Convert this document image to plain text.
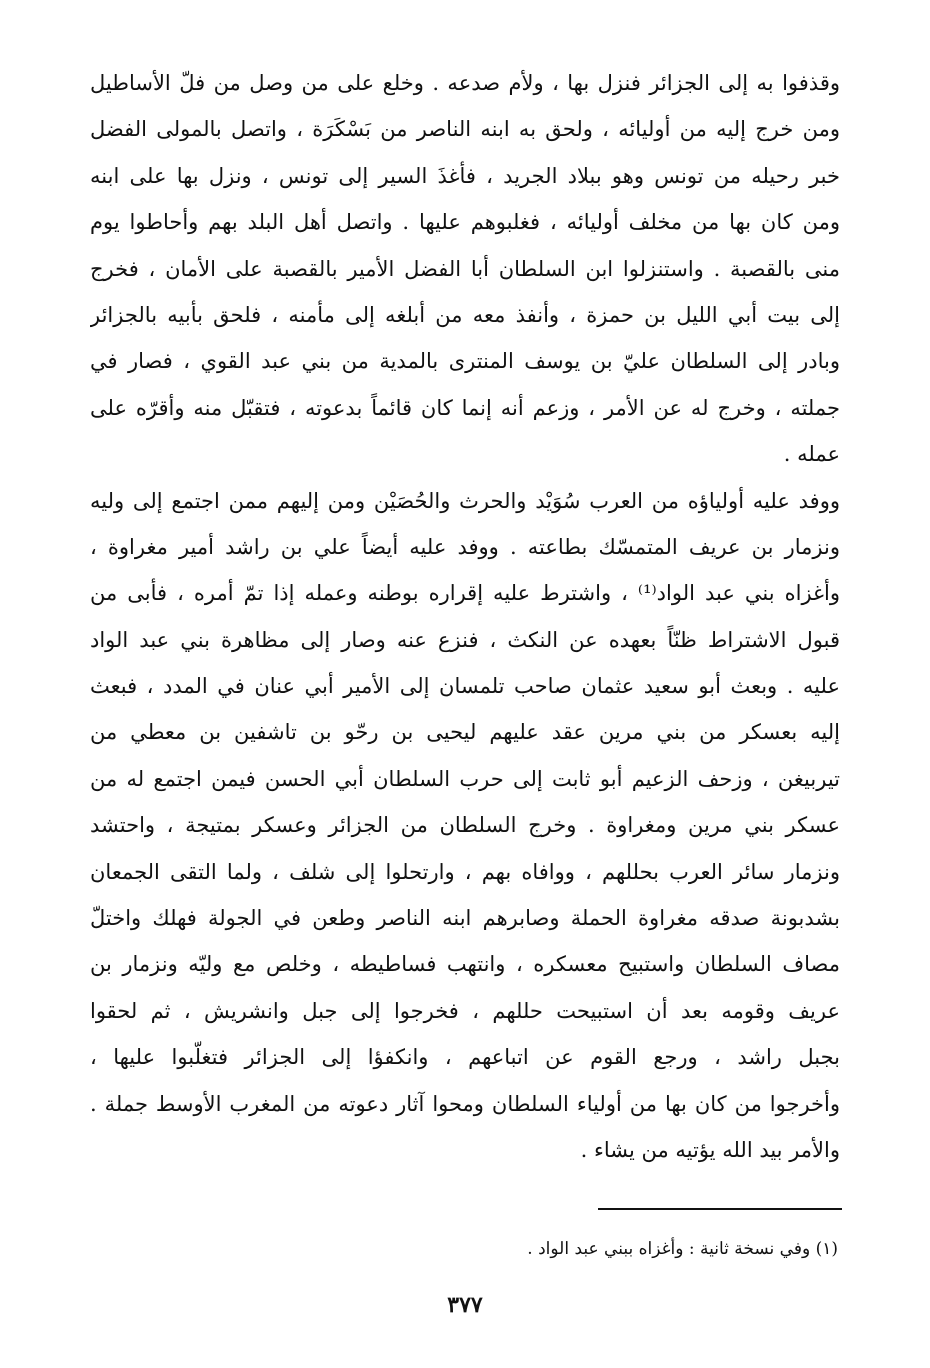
وقذفوا به إلى الجزائر فنزل بها ، ولأم صدعه . وخلع على من وصل من فلّ الأساطيل
ومن خرج إليه من أوليائه ، ولحق به ابنه الناصر من بَسْكَرَة ، واتصل بالمولى الفضل
خبر رحيله من تونس وهو ببلاد الجريد ، فأغذَ السير إلى تونس ، ونزل بها على ابنه
ومن كان بها من مخلف أوليائه ، فغلبوهم عليها . واتصل أهل البلد بهم وأحاطوا يوم
منى بالقصبة . واستنزلوا ابن السلطان أبا الفضل الأمير بالقصبة على الأمان ، فخرج
إلى بيت أبي الليل بن حمزة ، وأنفذ معه من أبلغه إلى مأمنه ، فلحق بأبيه بالجزائر
وبادر إلى السلطان عليّ بن يوسف المنترى بالمدية من بني عبد القوي ، فصار في
جملته ، وخرج له عن الأمر ، وزعم أنه إنما كان قائماً بدعوته ، فتقبّل منه وأقرّه على
عمله .
ووفد عليه أولياؤه من العرب سُوَيْد والحرث والحُصَيْن ومن إليهم ممن اجتمع إلى وليه
ونزمار بن عريف المتمسّك بطاعته . ووفد عليه أيضاً علي بن راشد أمير مغراوة ،
وأغزاه بني عبد الواد⁽¹⁾ ، واشترط عليه إقراره بوطنه وعمله إذا تمّ أمره ، فأبى من
قبول الاشتراط ظنّاً بعهده عن النكث ، فنزع عنه وصار إلى مظاهرة بني عبد الواد
عليه . وبعث أبو سعيد عثمان صاحب تلمسان إلى الأمير أبي عنان في المدد ، فبعث
إليه بعسكر من بني مرين عقد عليهم ليحيى بن رحّو بن تاشفين بن معطي من
تيربيغن ، وزحف الزعيم أبو ثابت إلى حرب السلطان أبي الحسن فيمن اجتمع له من
عسكر بني مرين ومغراوة . وخرج السلطان من الجزائر وعسكر بمتيجة ، واحتشد
ونزمار سائر العرب بحللهم ، ووافاه بهم ، وارتحلوا إلى شلف ، ولما التقى الجمعان
بشدبونة صدقه مغراوة الحملة وصابرهم ابنه الناصر وطعن في الجولة فهلك واختلّ
مصاف السلطان واستبيح معسكره ، وانتهب فساطيطه ، وخلص مع وليّه ونزمار بن
عريف وقومه بعد أن استبيحت حللهم ، فخرجوا إلى جبل وانشريش ، ثم لحقوا
بجبل راشد ، ورجع القوم عن اتباعهم ، وانكفؤا إلى الجزائر فتغلّبوا عليها ،
وأخرجوا من كان بها من أولياء السلطان ومحوا آثار دعوته من المغرب الأوسط جملة .
والأمر بيد الله يؤتيه من يشاء .
(١) وفي نسخة ثانية : وأغزاه ببني عبد الواد .
٣٧٧
